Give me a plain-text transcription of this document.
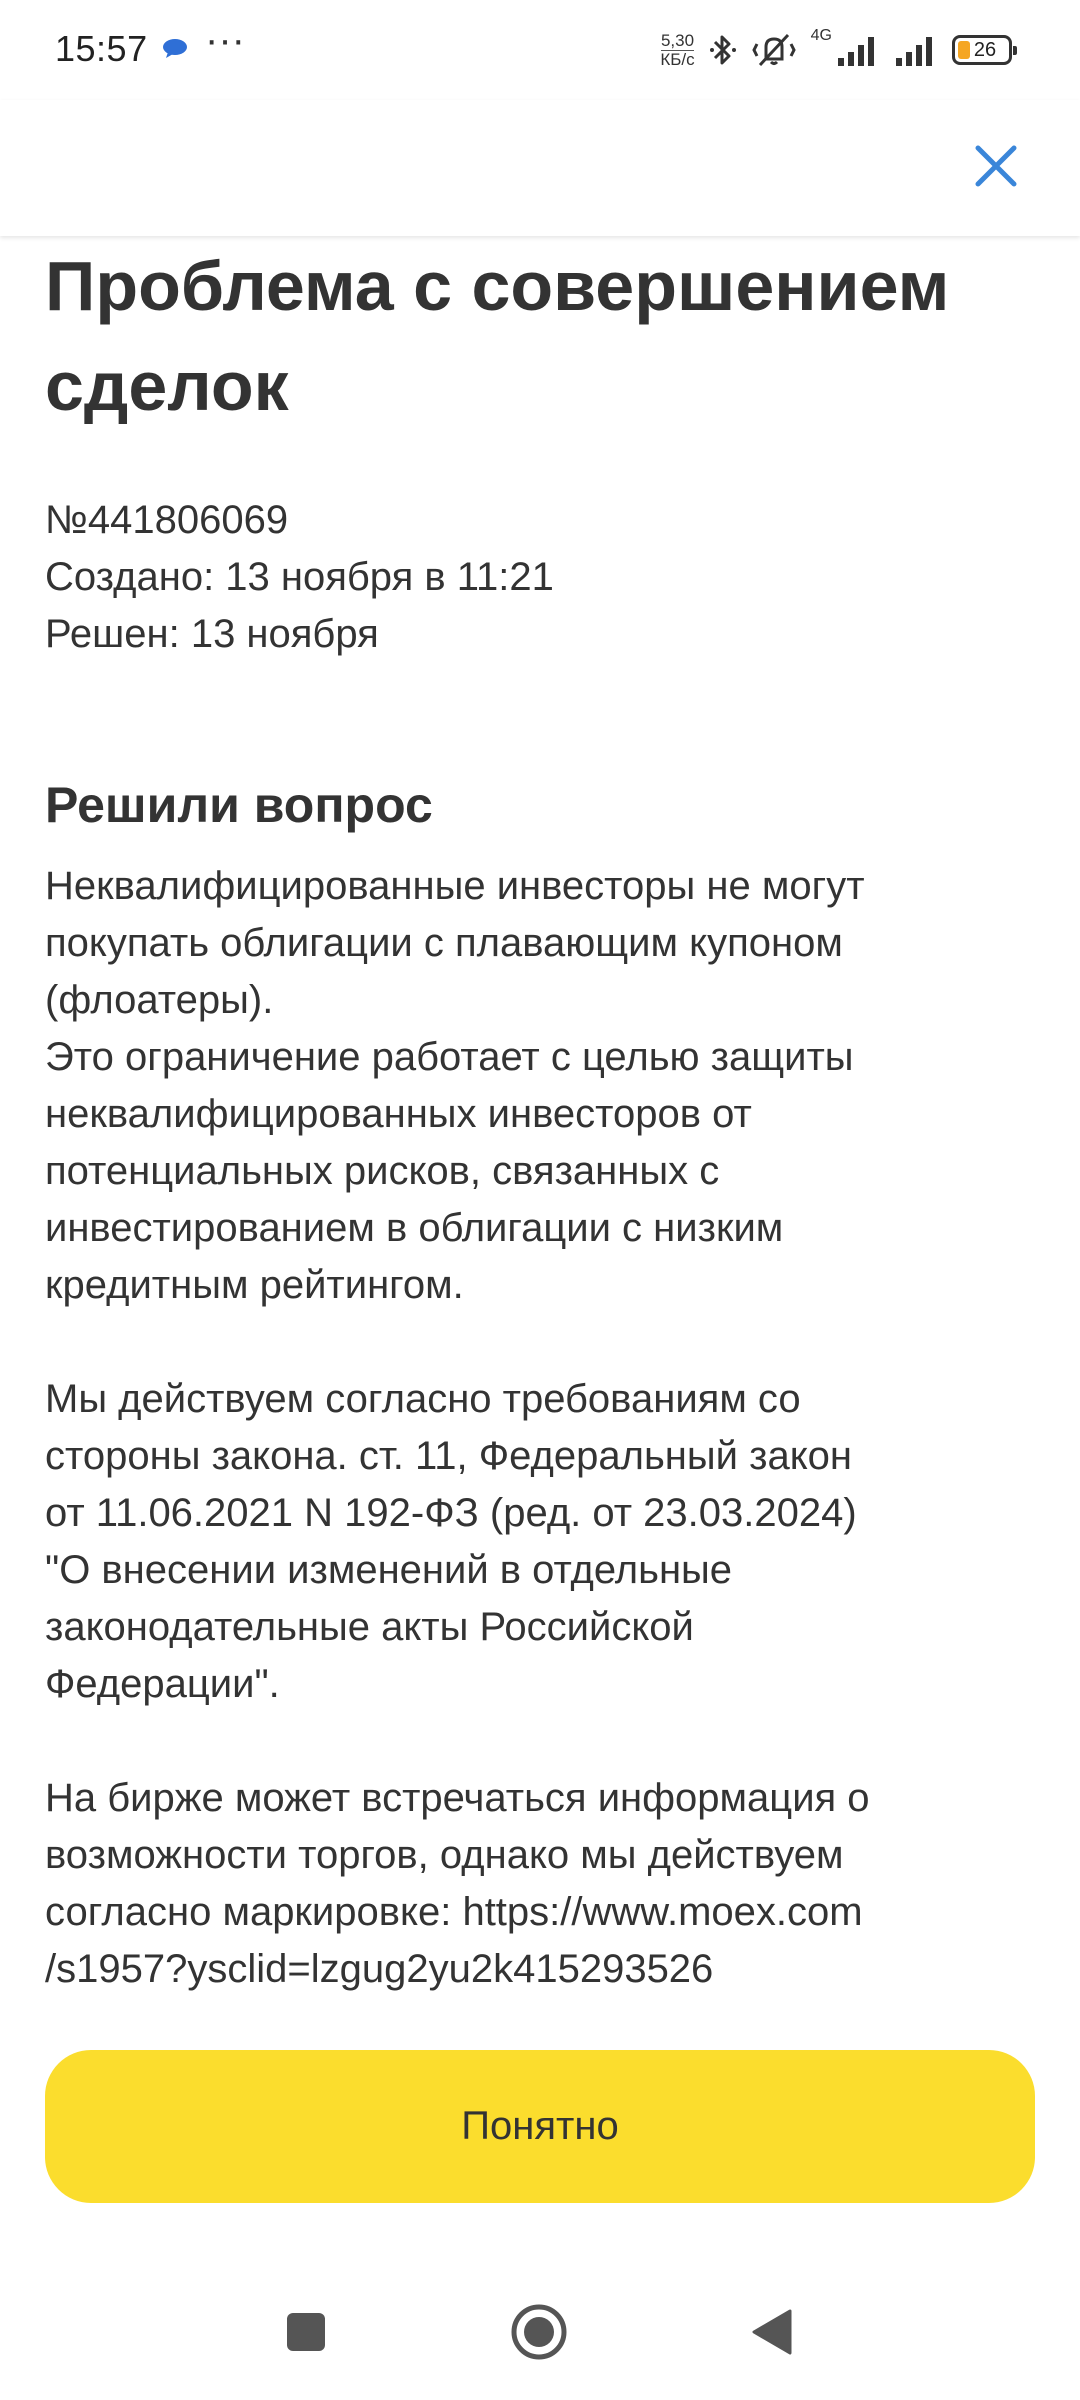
15:57 ···	5,30
КБ/с
4G
26
Проблема с совершением сделок
№441806069
Создано: 13 ноября в 11:21
Решен: 13 ноября
Решили вопрос
Неквалифицированные инвесторы не могут
покупать облигации с плавающим купоном
(флоатеры).
Это ограничение работает с целью защиты
неквалифицированных инвесторов от
потенциальных рисков, связанных с
инвестированием в облигации с низким
кредитным рейтингом.
Мы действуем согласно требованиям со
стороны закона. ст. 11, Федеральный закон
от 11.06.2021 N 192-ФЗ (ред. от 23.03.2024)
"О внесении изменений в отдельные
законодательные акты Российской
Федерации".
На бирже может встречаться информация о
возможности торгов, однако мы действуем
согласно маркировке: https://www.moex.com
/s1957?ysclid=lzgug2yu2k415293526
Понятно
